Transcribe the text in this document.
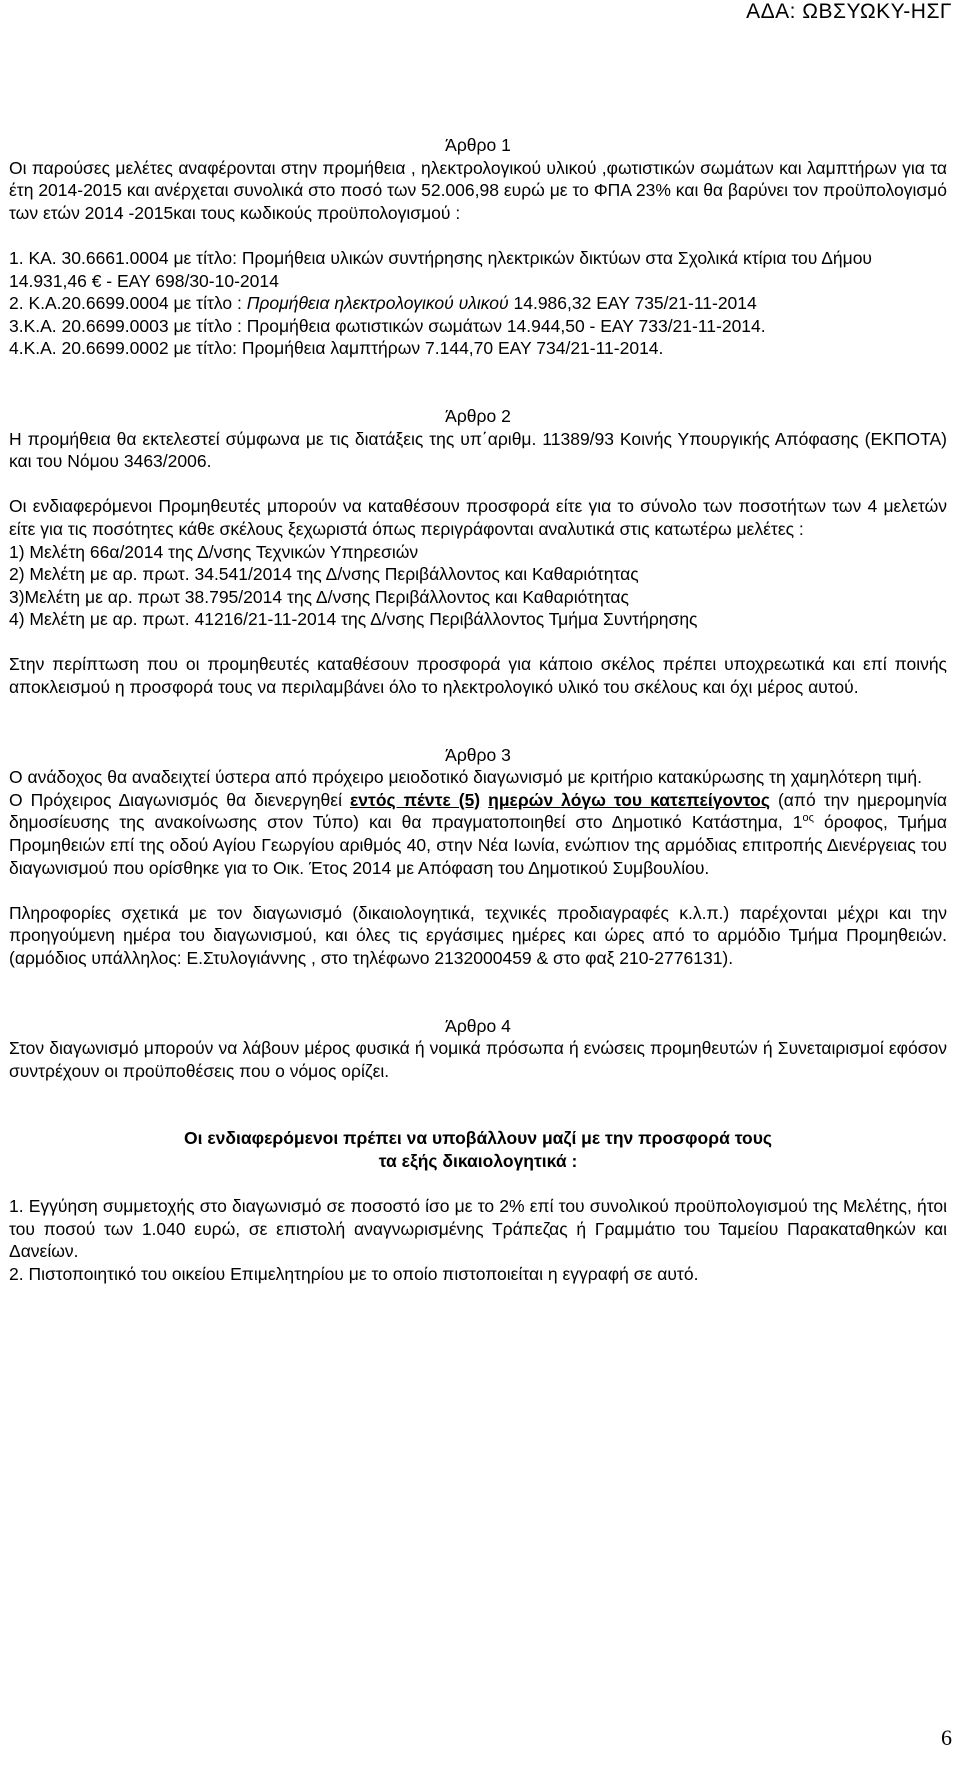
ΑΔΑ: ΩΒΣΥΩΚΥ-ΗΣΓ

Άρθρο 1

Οι παρούσες μελέτες αναφέρονται στην προμήθεια , ηλεκτρολογικού υλικού ,φωτιστικών σωμάτων και λαμπτήρων για τα έτη 2014-2015 και ανέρχεται συνολικά στο ποσό των 52.006,98 ευρώ με το ΦΠΑ 23% και θα βαρύνει τον προϋπολογισμό των ετών 2014 -2015και τους κωδικούς προϋπολογισμού :

1. ΚΑ. 30.6661.0004 με τίτλο: Προμήθεια υλικών συντήρησης ηλεκτρικών δικτύων στα Σχολικά κτίρια του Δήμου 14.931,46 € - ΕΑΥ 698/30-10-2014

2. Κ.Α.20.6699.0004 με τίτλο : Προμήθεια ηλεκτρολογικού υλικού 14.986,32 ΕΑΥ 735/21-11-2014

3.Κ.Α. 20.6699.0003 με τίτλο : Προμήθεια φωτιστικών σωμάτων 14.944,50 - ΕΑΥ 733/21-11-2014.

4.Κ.Α. 20.6699.0002 με τίτλο: Προμήθεια λαμπτήρων 7.144,70 ΕΑΥ 734/21-11-2014.

Άρθρο 2

Η προμήθεια θα εκτελεστεί σύμφωνα με τις διατάξεις της υπ΄αριθμ. 11389/93 Κοινής Υπουργικής Απόφασης (ΕΚΠΟΤΑ) και του Νόμου 3463/2006.

Οι ενδιαφερόμενοι Προμηθευτές μπορούν να καταθέσουν προσφορά είτε για το σύνολο των ποσοτήτων των 4 μελετών είτε για τις ποσότητες κάθε σκέλους ξεχωριστά όπως περιγράφονται αναλυτικά στις κατωτέρω μελέτες :

1) Μελέτη 66α/2014 της Δ/νσης Τεχνικών Υπηρεσιών

2) Μελέτη με αρ. πρωτ. 34.541/2014 της Δ/νσης Περιβάλλοντος και Καθαριότητας

3)Μελέτη με αρ. πρωτ 38.795/2014 της Δ/νσης Περιβάλλοντος και Καθαριότητας

4) Μελέτη με αρ. πρωτ. 41216/21-11-2014 της Δ/νσης Περιβάλλοντος Τμήμα Συντήρησης

Στην περίπτωση που οι προμηθευτές καταθέσουν προσφορά για κάποιο σκέλος πρέπει υποχρεωτικά και επί ποινής αποκλεισμού η προσφορά τους να περιλαμβάνει όλο το ηλεκτρολογικό υλικό του σκέλους και όχι μέρος αυτού.

Άρθρο 3

Ο ανάδοχος θα αναδειχτεί ύστερα από πρόχειρο μειοδοτικό διαγωνισμό με κριτήριο κατακύρωσης τη χαμηλότερη τιμή.

Ο Πρόχειρος Διαγωνισμός θα διενεργηθεί εντός πέντε (5) ημερών λόγω του κατεπείγοντος (από την ημερομηνία δημοσίευσης της ανακοίνωσης στον Τύπο) και θα πραγματοποιηθεί στο Δημοτικό Κατάστημα, $1^{o\varsigma}$ όροφος, Τμήμα Προμηθειών επί της οδού Αγίου Γεωργίου αριθμός 40, στην Νέα Ιωνία, ενώπιον της αρμόδιας επιτροπής Διενέργειας του διαγωνισμού που ορίσθηκε για το Οικ. Έτος 2014 με Απόφαση του Δημοτικού Συμβουλίου.

Πληροφορίες σχετικά με τον διαγωνισμό (δικαιολογητικά, τεχνικές προδιαγραφές κ.λ.π.) παρέχονται μέχρι και την προηγούμενη ημέρα του διαγωνισμού, και όλες τις εργάσιμες ημέρες και ώρες από το αρμόδιο Τμήμα Προμηθειών. (αρμόδιος υπάλληλος: Ε.Στυλογιάννης , στο τηλέφωνο 2132000459 & στο φαξ 210-2776131).

Άρθρο 4

Στον διαγωνισμό μπορούν να λάβουν μέρος φυσικά ή νομικά πρόσωπα ή ενώσεις προμηθευτών ή Συνεταιρισμοί εφόσον συντρέχουν οι προϋποθέσεις που ο νόμος ορίζει.

Οι ενδιαφερόμενοι πρέπει να υποβάλλουν μαζί με την προσφορά τους

τα εξής δικαιολογητικά :

1. Εγγύηση συμμετοχής στο διαγωνισμό σε ποσοστό ίσο με το 2% επί του συνολικού προϋπολογισμού της Μελέτης, ήτοι του ποσού των 1.040 ευρώ, σε επιστολή αναγνωρισμένης Τράπεζας ή Γραμμάτιο του Ταμείου Παρακαταθηκών και Δανείων.

2. Πιστοποιητικό του οικείου Επιμελητηρίου με το οποίο πιστοποιείται η εγγραφή σε αυτό.

6
